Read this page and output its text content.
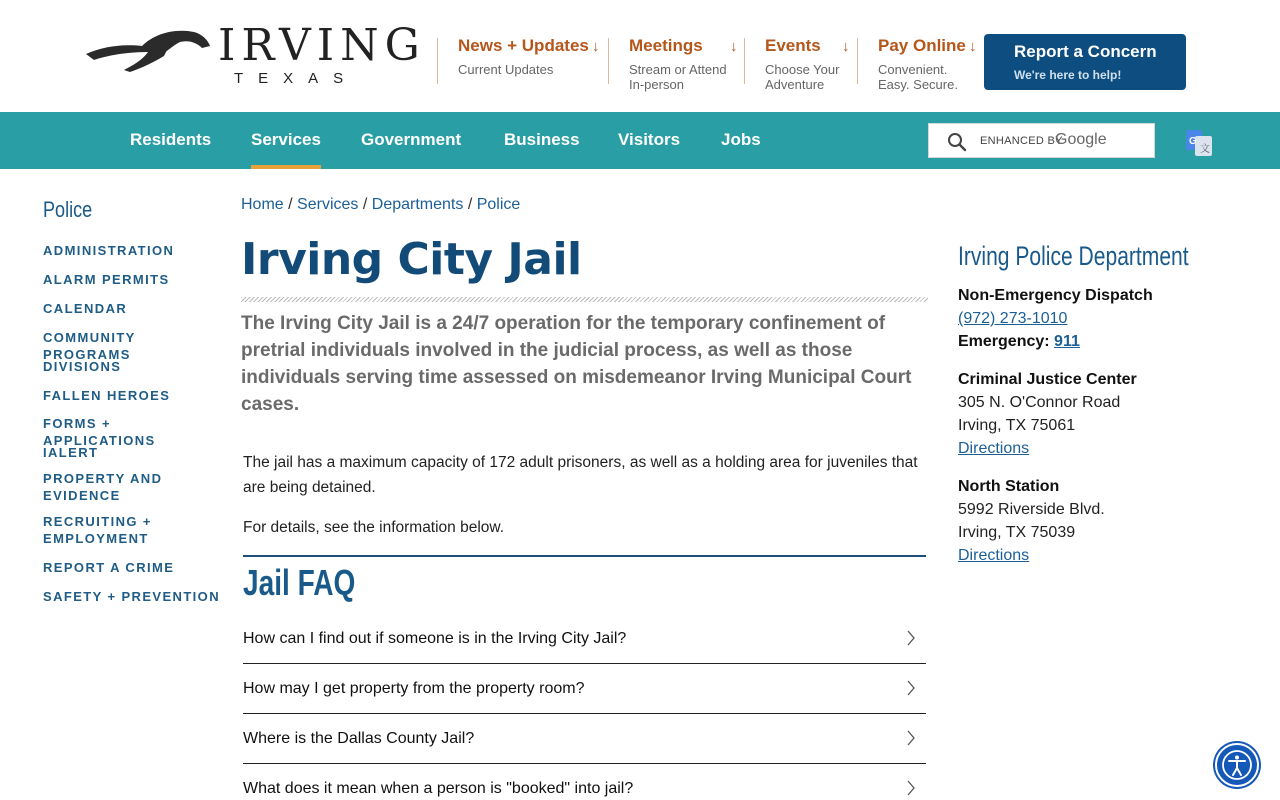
IRVING
TEXAS
News + Updates ↓
Current Updates
Meetings	↓
Stream or Attend In-person
Events	↓
Choose Your Adventure
Pay Online ↓
Convenient. Easy. Secure.
Report a Concern
We're here to help!
Residents Services Government	Business Visitors Jobs	ENHANCED BY
Google	G
文
Police
ADMINISTRATION
ALARM PERMITS
CALENDAR
COMMUNITY PROGRAMS
DIVISIONS
FALLEN HEROES
FORMS + APPLICATIONS
IALERT
PROPERTY AND EVIDENCE
RECRUITING + EMPLOYMENT
REPORT A CRIME
SAFETY + PREVENTION
Home / Services / Departments / Police
Irving City Jail

The Irving City Jail is a 24/7 operation for the temporary confinement of pretrial individuals involved in the judicial process, as well as those individuals serving time assessed on misdemeanor Irving Municipal Court cases.

The jail has a maximum capacity of 172 adult prisoners, as well as a holding area for juveniles that are being detained.

For details, see the information below.

Jail FAQ
How can I find out if someone is in the Irving City Jail?
How may I get property from the property room?
Where is the Dallas County Jail?
What does it mean when a person is "booked" into jail?
Irving Police Department
Non-Emergency Dispatch
(972) 273-1010
Emergency: 911
Criminal Justice Center
305 N. O'Connor Road
Irving, TX 75061
Directions
North Station
5992 Riverside Blvd.
Irving, TX 75039
Directions
